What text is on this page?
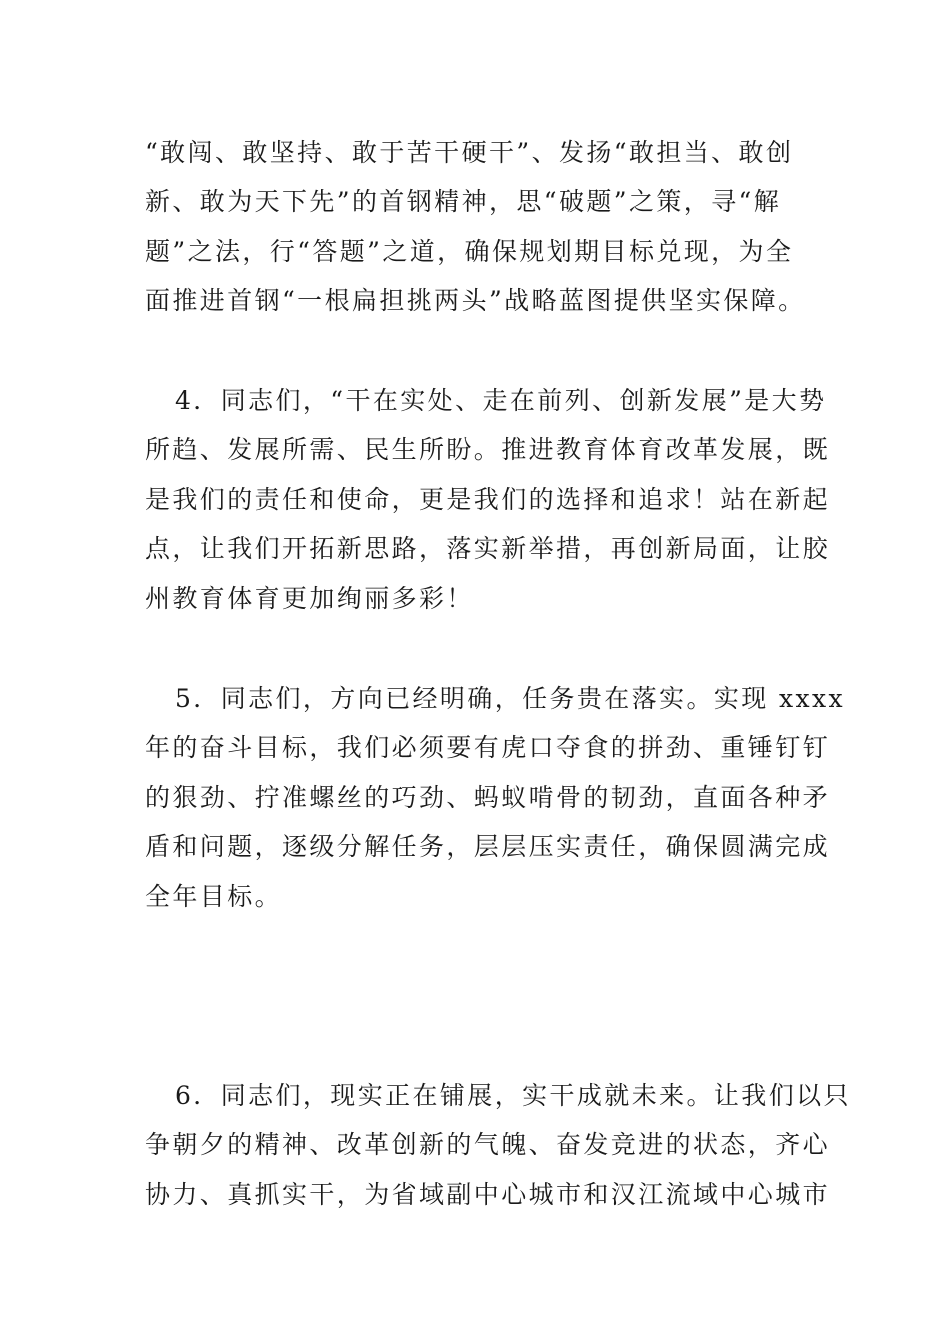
“敢闯、敢坚持、敢于苦干硬干”、发扬“敢担当、敢创
新、敢为天下先”的首钢精神，思“破题”之策，寻“解
题”之法，行“答题”之道，确保规划期目标兑现，为全
面推进首钢“一根扁担挑两头”战略蓝图提供坚实保障。
4．同志们，“干在实处、走在前列、创新发展”是大势
所趋、发展所需、民生所盼。推进教育体育改革发展，既
是我们的责任和使命，更是我们的选择和追求！站在新起
点，让我们开拓新思路，落实新举措，再创新局面，让胶
州教育体育更加绚丽多彩！
5．同志们，方向已经明确，任务贵在落实。实现 xxxx
年的奋斗目标，我们必须要有虎口夺食的拼劲、重锤钉钉
的狠劲、拧准螺丝的巧劲、蚂蚁啃骨的韧劲，直面各种矛
盾和问题，逐级分解任务，层层压实责任，确保圆满完成
全年目标。
6．同志们，现实正在铺展，实干成就未来。让我们以只
争朝夕的精神、改革创新的气魄、奋发竞进的状态，齐心
协力、真抓实干，为省域副中心城市和汉江流域中心城市
